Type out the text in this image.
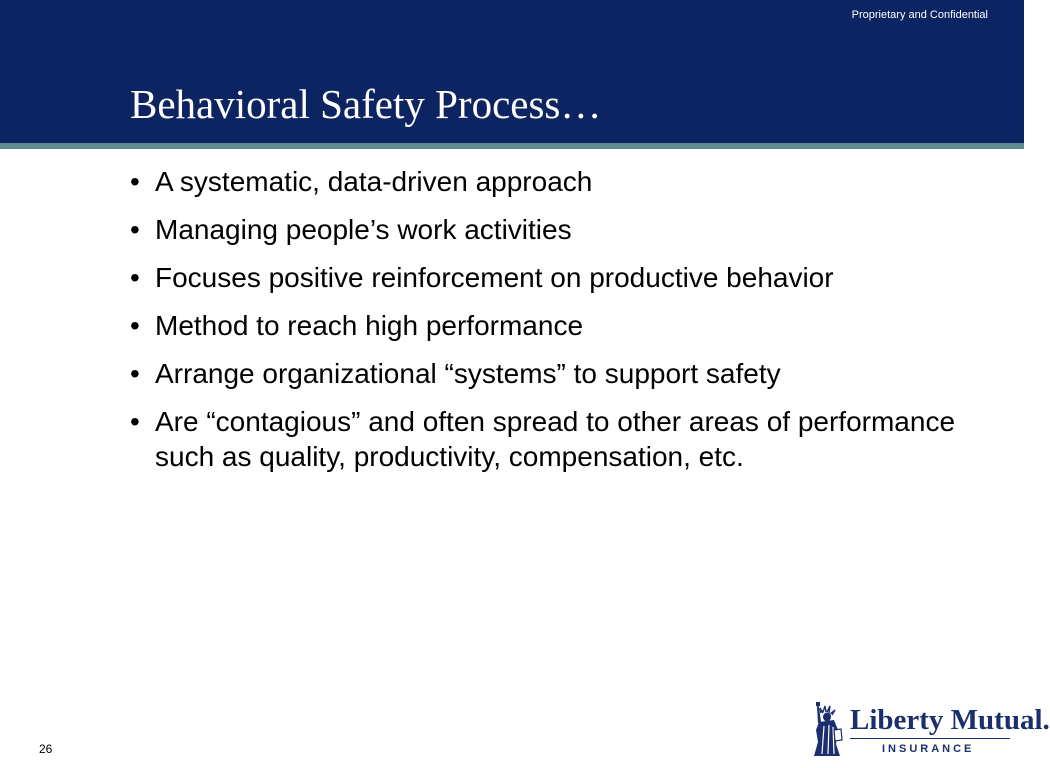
Proprietary and Confidential
Behavioral Safety Process…
• A systematic, data-driven approach
• Managing people’s work activities
• Focuses positive reinforcement on productive behavior
• Method to reach high performance
• Arrange organizational “systems” to support safety
• Are “contagious” and often spread to other areas of performance such as quality, productivity, compensation, etc.
26
Liberty Mutual.
INSURANCE
